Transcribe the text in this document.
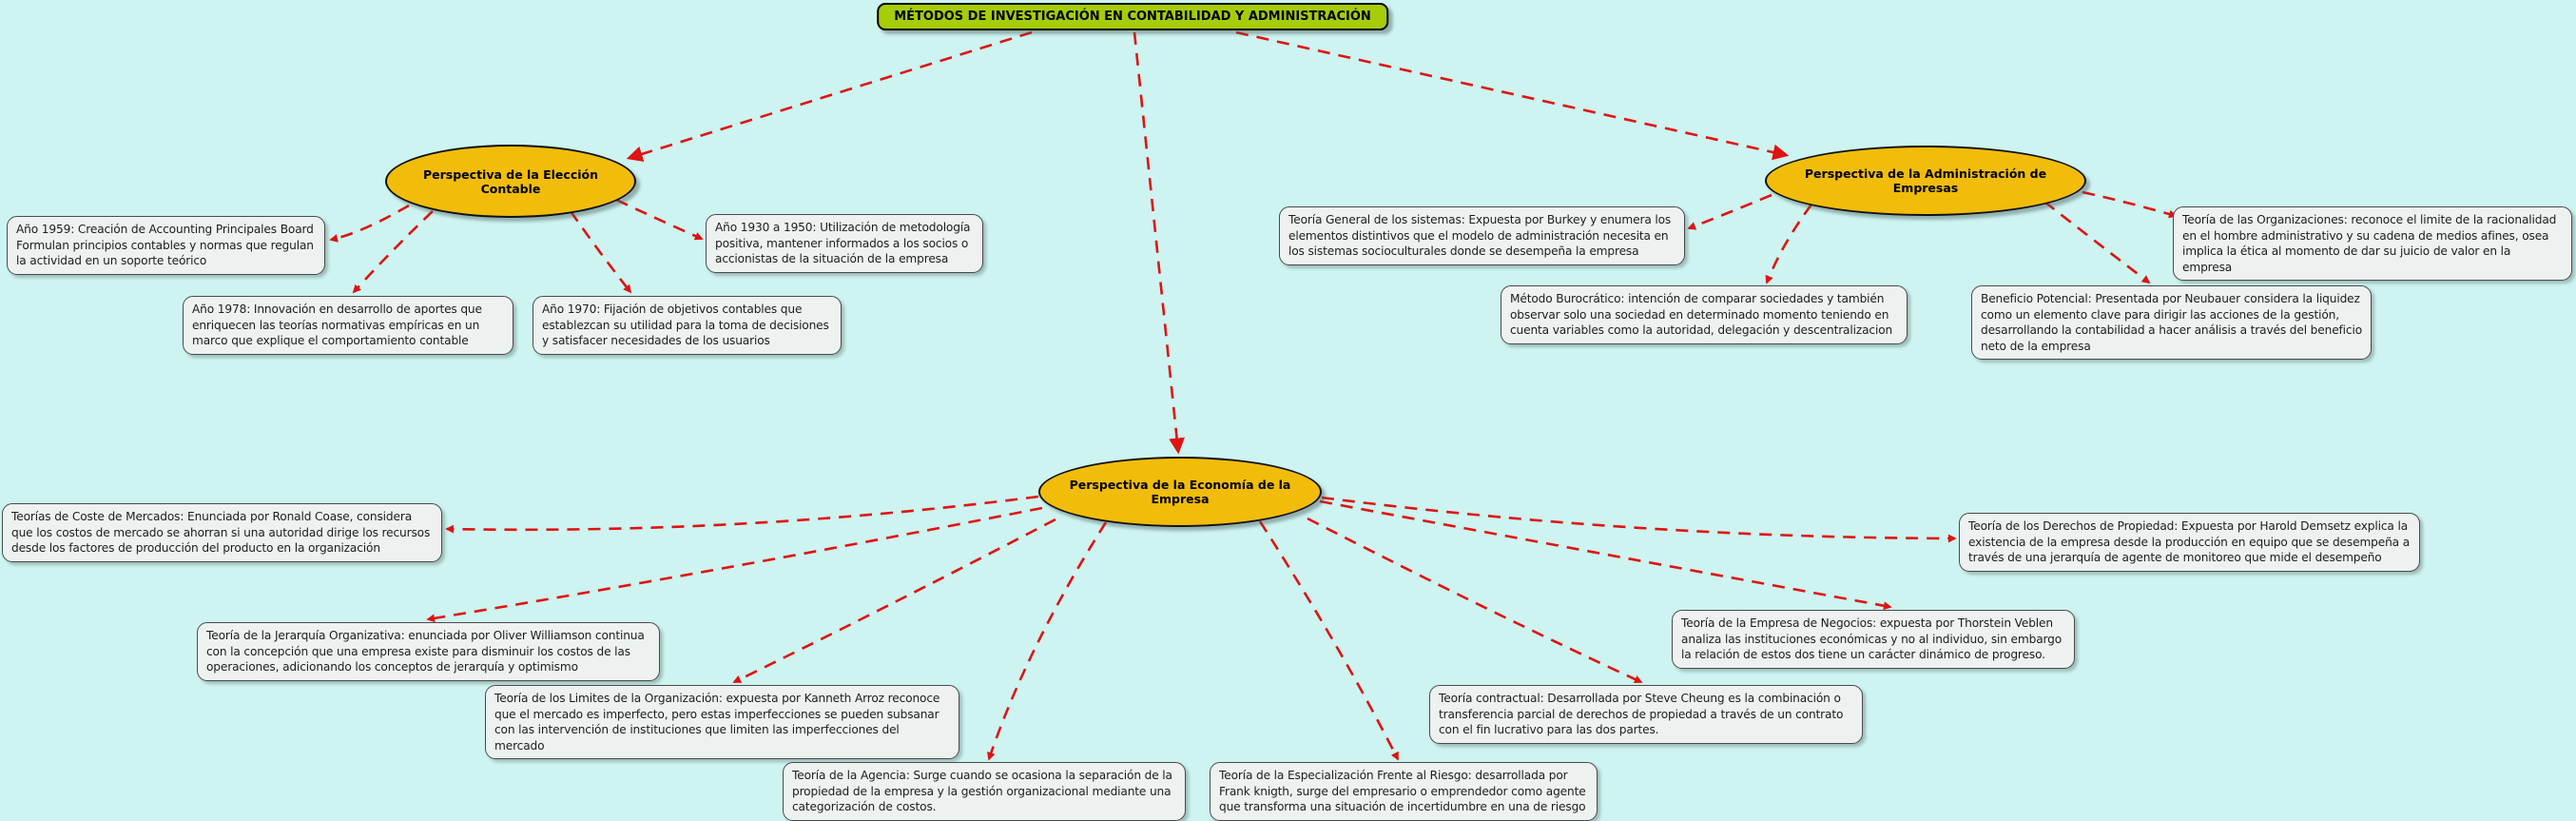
MÉTODOS DE INVESTIGACIÓN EN CONTABILIDAD Y ADMINISTRACIÓN
Perspectiva de la Elección Contable
Perspectiva de la Administración de Empresas
Perspectiva de la Economía de la Empresa
Año 1959: Creación de Accounting Principales Board Formulan principios contables y normas que regulan la actividad en un soporte teórico
Año 1930 a 1950: Utilización de metodología positiva, mantener informados a los socios o accionistas de la situación de la empresa
Año 1978: Innovación en desarrollo de aportes que enriquecen las teorías normativas empíricas en un marco que explique el comportamiento contable
Año 1970: Fijación de objetivos contables que establezcan su utilidad para la toma de decisiones y satisfacer necesidades de los usuarios
Teoría General de los sistemas: Expuesta por Burkey y enumera los elementos distintivos que el modelo de administración necesita en los sistemas socioculturales donde se desempeña la empresa
Teoría de las Organizaciones: reconoce el limite de la racionalidad en el hombre administrativo y su cadena de medios afines, osea implica la ética al momento de dar su juicio de valor en la empresa
Método Burocrático: intención de comparar sociedades y también observar solo una sociedad en determinado momento teniendo en cuenta variables como la autoridad, delegación y descentralizacion
Beneficio Potencial: Presentada por Neubauer considera la liquidez como un elemento clave para dirigir las acciones de la gestión, desarrollando la contabilidad a hacer análisis a través del beneficio neto de la empresa
Teorías de Coste de Mercados: Enunciada por Ronald Coase, considera que los costos de mercado se ahorran si una autoridad dirige los recursos desde los factores de producción del producto en la organización
Teoría de los Derechos de Propiedad: Expuesta por Harold Demsetz explica la existencia de la empresa desde la producción en equipo que se desempeña a través de una jerarquía de agente de monitoreo que mide el desempeño
Teoría de la Jerarquía Organizativa: enunciada por Oliver Williamson continua con la concepción que una empresa existe para disminuir los costos de las operaciones, adicionando los conceptos de jerarquía y optimismo
Teoría de la Empresa de Negocios: expuesta por Thorstein Veblen analiza las instituciones económicas y no al individuo, sin embargo la relación de estos dos tiene un carácter dinámico de progreso.
Teoría de los Limites de la Organización: expuesta por Kanneth Arroz reconoce que el mercado es imperfecto, pero estas imperfecciones se pueden subsanar con las intervención de instituciones que limiten las imperfecciones del mercado
Teoría contractual: Desarrollada por Steve Cheung es la combinación o transferencia parcial de derechos de propiedad a través de un contrato con el fin lucrativo para las dos partes.
Teoría de la Agencia: Surge cuando se ocasiona la separación de la propiedad de la empresa y la gestión organizacional mediante una categorización de costos.
Teoría de la Especialización Frente al Riesgo: desarrollada por Frank knigth, surge del empresario o emprendedor como agente que transforma una situación de incertidumbre en una de riesgo
